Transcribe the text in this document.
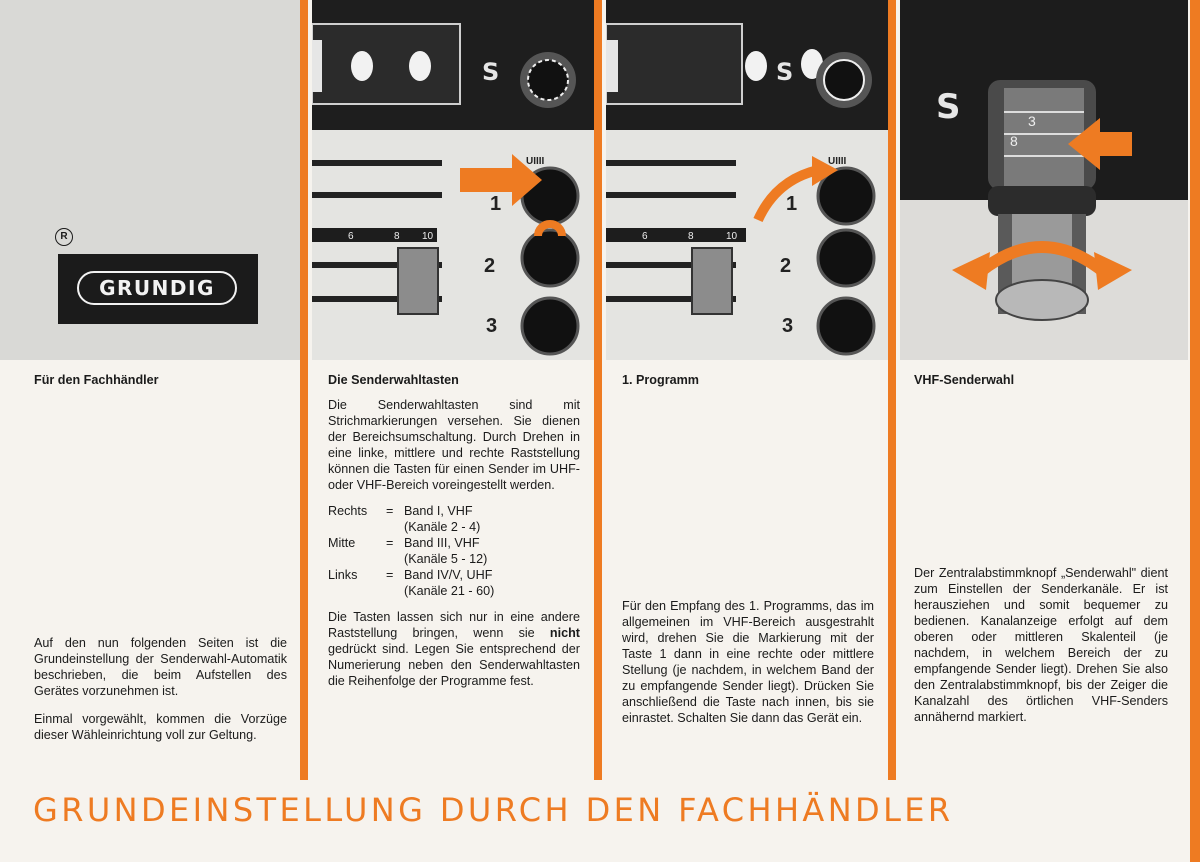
R
GRUNDIG
S
6	8 10
UIIII
1
2
3
S
6	8	10
UIIII
1
2
3
S	3
8
Für den Fachhändler

Auf den nun folgenden Seiten ist die Grundeinstellung der Senderwahl-Automatik beschrieben, die beim Aufstellen des Gerätes vorzunehmen ist.

Einmal vorgewählt, kommen die Vorzüge dieser Wähleinrichtung voll zur Geltung.

Die Senderwahltasten

Die Senderwahltasten sind mit Strichmarkierungen versehen. Sie dienen der Bereichsumschaltung. Durch Drehen in eine linke, mittlere und rechte Raststellung können die Tasten für einen Sender im UHF- oder VHF-Bereich voreingestellt werden.

Rechts	=	Band I, VHF
(Kanäle 2 - 4)
Mitte	=	Band III, VHF
(Kanäle 5 - 12)
Links	=	Band IV/V, UHF
(Kanäle 21 - 60)

Die Tasten lassen sich nur in eine andere Raststellung bringen, wenn sie nicht gedrückt sind. Legen Sie entsprechend der Numerierung neben den Senderwahltasten die Reihenfolge der Programme fest.

1. Programm

Für den Empfang des 1. Programms, das im allgemeinen im VHF-Bereich ausgestrahlt wird, drehen Sie die Markierung mit der Taste 1 dann in eine rechte oder mittlere Stellung (je nachdem, in welchem Band der zu empfangende Sender liegt). Drücken Sie anschließend die Taste nach innen, bis sie einrastet. Schalten Sie dann das Gerät ein.

VHF-Senderwahl

Der Zentralabstimmknopf „Senderwahl" dient zum Einstellen der Senderkanäle. Er ist herausziehen und somit bequemer zu bedienen. Kanalanzeige erfolgt auf dem oberen oder mittleren Skalenteil (je nachdem, in welchem Bereich der zu empfangende Sender liegt). Drehen Sie also den Zentralabstimmknopf, bis der Zeiger die Kanalzahl des örtlichen VHF-Senders annähernd markiert.

GRUNDEINSTELLUNG DURCH DEN FACHHÄNDLER
